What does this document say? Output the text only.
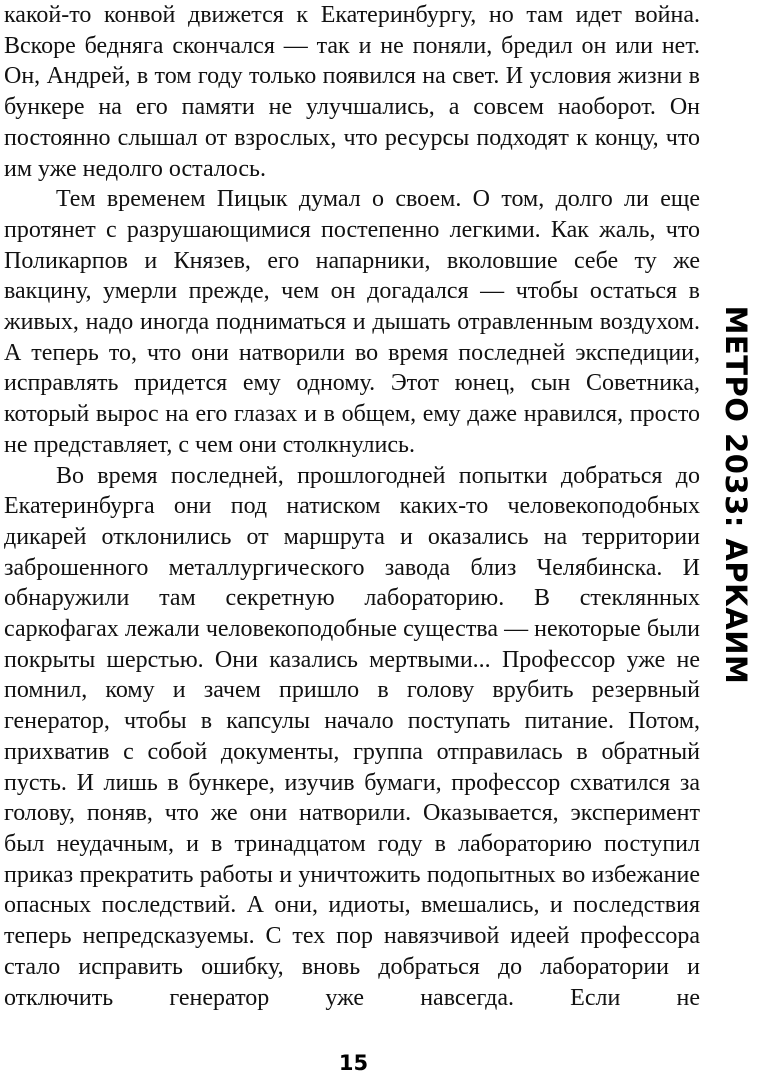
какой-то конвой движется к Екатеринбургу, но там идет война. Вскоре бедняга скончался — так и не поняли, бредил он или нет. Он, Андрей, в том году только появился на свет. И условия жизни в бункере на его памяти не улучшались, а совсем наоборот. Он постоянно слышал от взрослых, что ресурсы подходят к концу, что им уже недолго осталось.

Тем временем Пицык думал о своем. О том, долго ли еще протянет с разрушающимися постепенно легкими. Как жаль, что Поликарпов и Князев, его напарники, вколовшие себе ту же вакцину, умерли прежде, чем он догадался — чтобы остаться в живых, надо иногда подниматься и дышать отравленным воздухом. А теперь то, что они натворили во время последней экспедиции, исправлять придется ему одному. Этот юнец, сын Советника, который вырос на его глазах и в общем, ему даже нравился, просто не представляет, с чем они столкнулись.

Во время последней, прошлогодней попытки добраться до Екатеринбурга они под натиском каких-то человекоподобных дикарей отклонились от маршрута и оказались на территории заброшенного металлургического завода близ Челябинска. И обнаружили там секретную лабораторию. В стеклянных саркофагах лежали человекоподобные существа — некоторые были покрыты шерстью. Они казались мертвыми... Профессор уже не помнил, кому и зачем пришло в голову врубить резервный генератор, чтобы в капсулы начало поступать питание. Потом, прихватив с собой документы, группа отправилась в обратный пусть. И лишь в бункере, изучив бумаги, профессор схватился за голову, поняв, что же они натворили. Оказывается, эксперимент был неудачным, и в тринадцатом году в лабораторию поступил приказ прекратить работы и уничтожить подопытных во избежание опасных последствий. А они, идиоты, вмешались, и последствия теперь непредсказуемы. С тех пор навязчивой идеей профессора стало исправить ошибку, вновь добраться до лаборатории и отключить генератор уже навсегда. Если не

МЕТРО 2033: АРКАИМ
15
